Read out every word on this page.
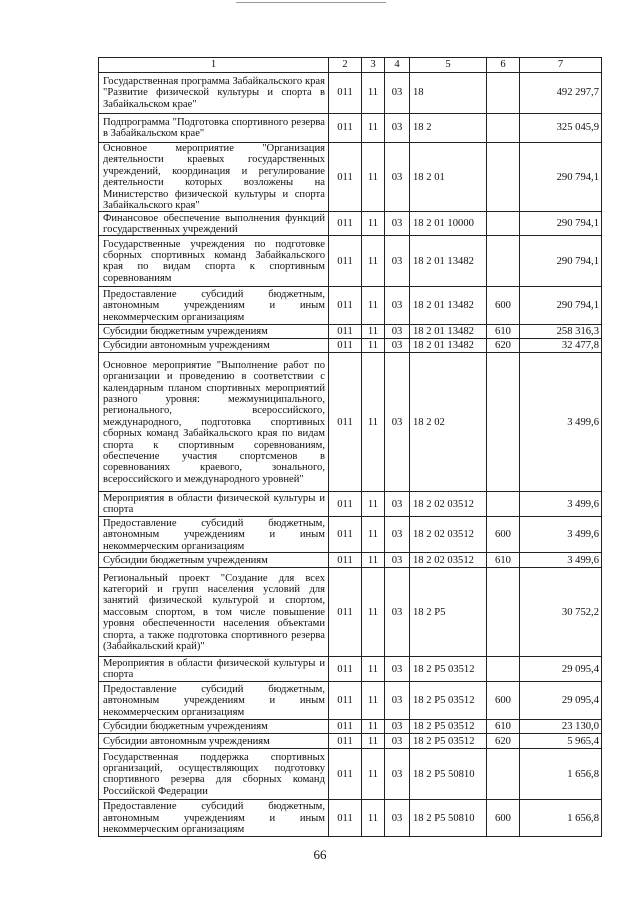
1	2	3	4	5	6	7
Государственная программа Забайкальского края "Развитие физической культуры и спорта в Забайкальском крае"	011	11	03	18		492 297,7
Подпрограмма "Подготовка спортивного резерва в Забайкальском крае"	011	11	03	18 2		325 045,9
Основное мероприятие "Организация деятельности краевых государственных учреждений, координация и регулирование деятельности которых возложены на Министерство физической культуры и спорта Забайкальского края"	011	11	03	18 2 01		290 794,1
Финансовое обеспечение выполнения функций государственных учреждений	011	11	03	18 2 01 10000		290 794,1
Государственные учреждения по подготовке сборных спортивных команд Забайкальского края по видам спорта к спортивным соревнованиям	011	11	03	18 2 01 13482		290 794,1
Предоставление субсидий бюджетным, автономным учреждениям и иным некоммерческим организациям	011	11	03	18 2 01 13482	600	290 794,1
Субсидии бюджетным учреждениям	011	11	03	18 2 01 13482	610	258 316,3
Субсидии автономным учреждениям	011	11	03	18 2 01 13482	620	32 477,8
Основное мероприятие "Выполнение работ по организации и проведению в соответствии с календарным планом спортивных мероприятий разного уровня: межмуниципального, регионального, всероссийского, международного, подготовка спортивных сборных команд Забайкальского края по видам спорта к спортивным соревнованиям, обеспечение участия спортсменов в соревнованиях краевого, зонального, всероссийского и международного уровней"	011	11	03	18 2 02		3 499,6
Мероприятия в области физической культуры и спорта	011	11	03	18 2 02 03512		3 499,6
Предоставление субсидий бюджетным, автономным учреждениям и иным некоммерческим организациям	011	11	03	18 2 02 03512	600	3 499,6
Субсидии бюджетным учреждениям	011	11	03	18 2 02 03512	610	3 499,6
Региональный проект "Создание для всех категорий и групп населения условий для занятий физической культурой и спортом, массовым спортом, в том числе повышение уровня обеспеченности населения объектами спорта, а также подготовка спортивного резерва (Забайкальский край)"	011	11	03	18 2 P5		30 752,2
Мероприятия в области физической культуры и спорта	011	11	03	18 2 P5 03512		29 095,4
Предоставление субсидий бюджетным, автономным учреждениям и иным некоммерческим организациям	011	11	03	18 2 P5 03512	600	29 095,4
Субсидии бюджетным учреждениям	011	11	03	18 2 P5 03512	610	23 130,0
Субсидии автономным учреждениям	011	11	03	18 2 P5 03512	620	5 965,4
Государственная поддержка спортивных организаций, осуществляющих подготовку спортивного резерва для сборных команд Российской Федерации	011	11	03	18 2 P5 50810		1 656,8
Предоставление субсидий бюджетным, автономным учреждениям и иным некоммерческим организациям	011	11	03	18 2 P5 50810	600	1 656,8
66
